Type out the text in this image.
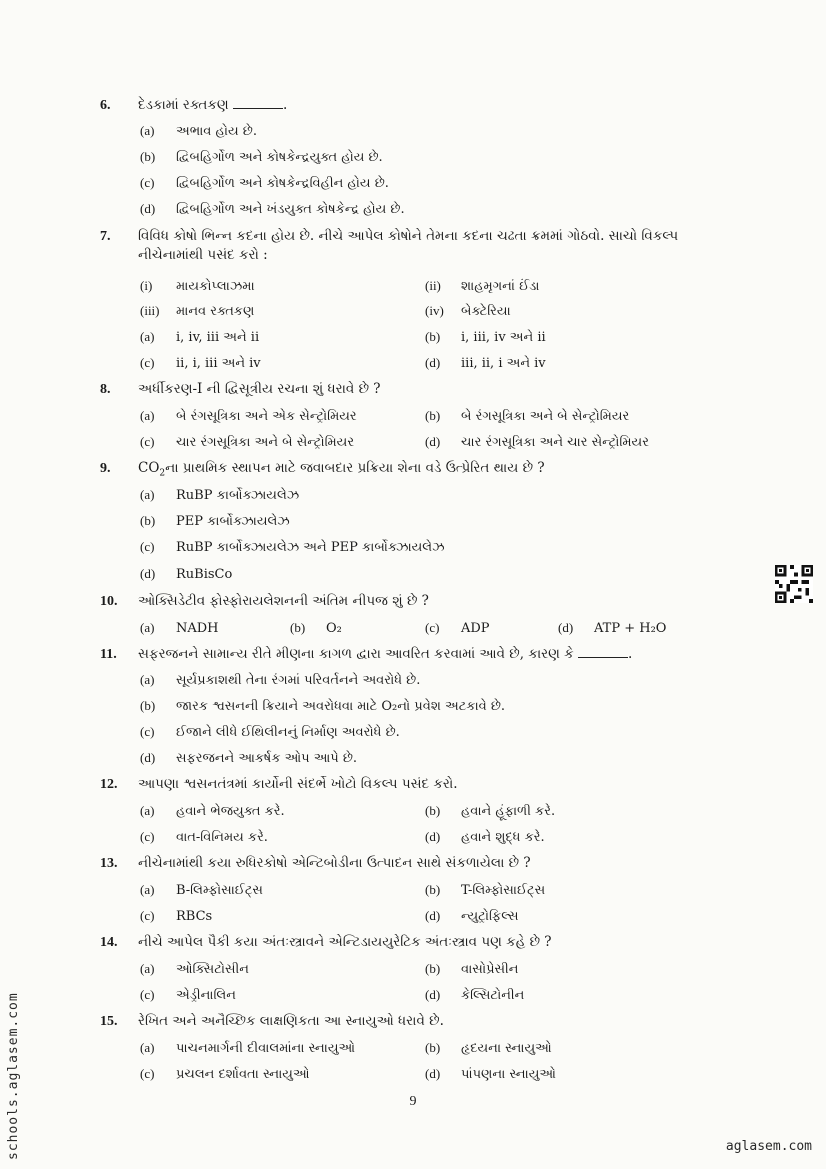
6.	દેડકામાં રક્તકણ	.
(a) અભાવ હોય છે.
(b) દ્વિબહિર્ગોળ અને કોષકેન્દ્રયુક્ત હોય છે.
(c) દ્વિબહિર્ગોળ અને કોષકેન્દ્રવિહીન હોય છે.
(d) દ્વિબહિર્ગોળ અને ખંડયુક્ત કોષકેન્દ્ર હોય છે.
7.	વિવિધ કોષો ભિન્ન કદના હોય છે. નીચે આપેલ કોષોને તેમના કદના ચઢતા ક્રમમાં ગોઠવો. સાચો વિકલ્પ નીચેનામાંથી પસંદ કરો :
(i) માયકોપ્લાઝમા	(ii) શાહમૃગનાં ઈંડા
(iii) માનવ રક્તકણ	(iv) બેક્ટેરિયા
(a) i, iv, iii અને ii	(b) i, iii, iv અને ii
(c) ii, i, iii અને iv	(d) iii, ii, i અને iv
8.	અર્ધીકરણ-I ની દ્વિસૂત્રીય રચના શું ધરાવે છે ?
(a) બે રંગસૂત્રિકા અને એક સેન્ટ્રોમિયર	(b) બે રંગસૂત્રિકા અને બે સેન્ટ્રોમિયર
(c) ચાર રંગસૂત્રિકા અને બે સેન્ટ્રોમિયર	(d) ચાર રંગસૂત્રિકા અને ચાર સેન્ટ્રોમિયર
9.	$CO_2ના$ પ્રાથમિક સ્થાપન માટે જવાબદાર પ્રક્રિયા શેના વડે ઉત્પ્રેરિત થાય છે ?
(a) RuBP કાર્બોક્ઝાયલેઝ
(b) PEP કાર્બોક્ઝાયલેઝ
(c) RuBP કાર્બોક્ઝાયલેઝ અને PEP કાર્બોક્ઝાયલેઝ
(d) RuBisCo
10.	ઓક્સિડેટીવ ફોસ્ફોરાયલેશનની અંતિમ નીપજ શું છે ?
(a) NADH	(b) O₂	(c) ADP	(d) ATP + H₂O
11.	સફરજનને સામાન્ય રીતે મીણના કાગળ દ્વારા આવરિત કરવામાં આવે છે, કારણ કે	.
(a) સૂર્યપ્રકાશથી તેના રંગમાં પરિવર્તનને અવરોધે છે.
(b) જારક શ્વસનની ક્રિયાને અવરોધવા માટે O₂નો પ્રવેશ અટકાવે છે.
(c) ઈજાને લીધે ઈથિલીનનું નિર્માણ અવરોધે છે.
(d) સફરજનને આકર્ષક ઓપ આપે છે.
12.	આપણા શ્વસનતંત્રમાં કાર્યોની સંદર્ભે ખોટો વિકલ્પ પસંદ કરો.
(a) હવાને ભેજયુક્ત કરે.	(b) હવાને હૂંફાળી કરે.
(c) વાત-વિનિમય કરે.	(d) હવાને શુદ્ધ કરે.
13.	નીચેનામાંથી કયા રુધિરકોષો એન્ટિબોડીના ઉત્પાદન સાથે સંકળાયેલા છે ?
(a) B-લિમ્ફોસાઈટ્સ	(b) T-લિમ્ફોસાઈટ્સ
(c) RBCs	(d) ન્યુટ્રોફિલ્સ
14.	નીચે આપેલ પૈકી કયા અંતઃસ્ત્રાવને એન્ટિડાયયુરેટિક અંતઃસ્ત્રાવ પણ કહે છે ?
(a) ઓક્સિટોસીન	(b) વાસોપ્રેસીન
(c) એડ્રીનાલિન	(d) કેલ્સિટોનીન
15.	રેખિત અને અનૈચ્છિક લાક્ષણિકતા આ સ્નાયુઓ ધરાવે છે.
(a) પાચનમાર્ગની દીવાલમાંના સ્નાયુઓ	(b) હૃદયના સ્નાયુઓ
(c) પ્રચલન દર્શાવતા સ્નાયુઓ	(d) પાંપણના સ્નાયુઓ
9
schools.aglasem.com	aglasem.com
